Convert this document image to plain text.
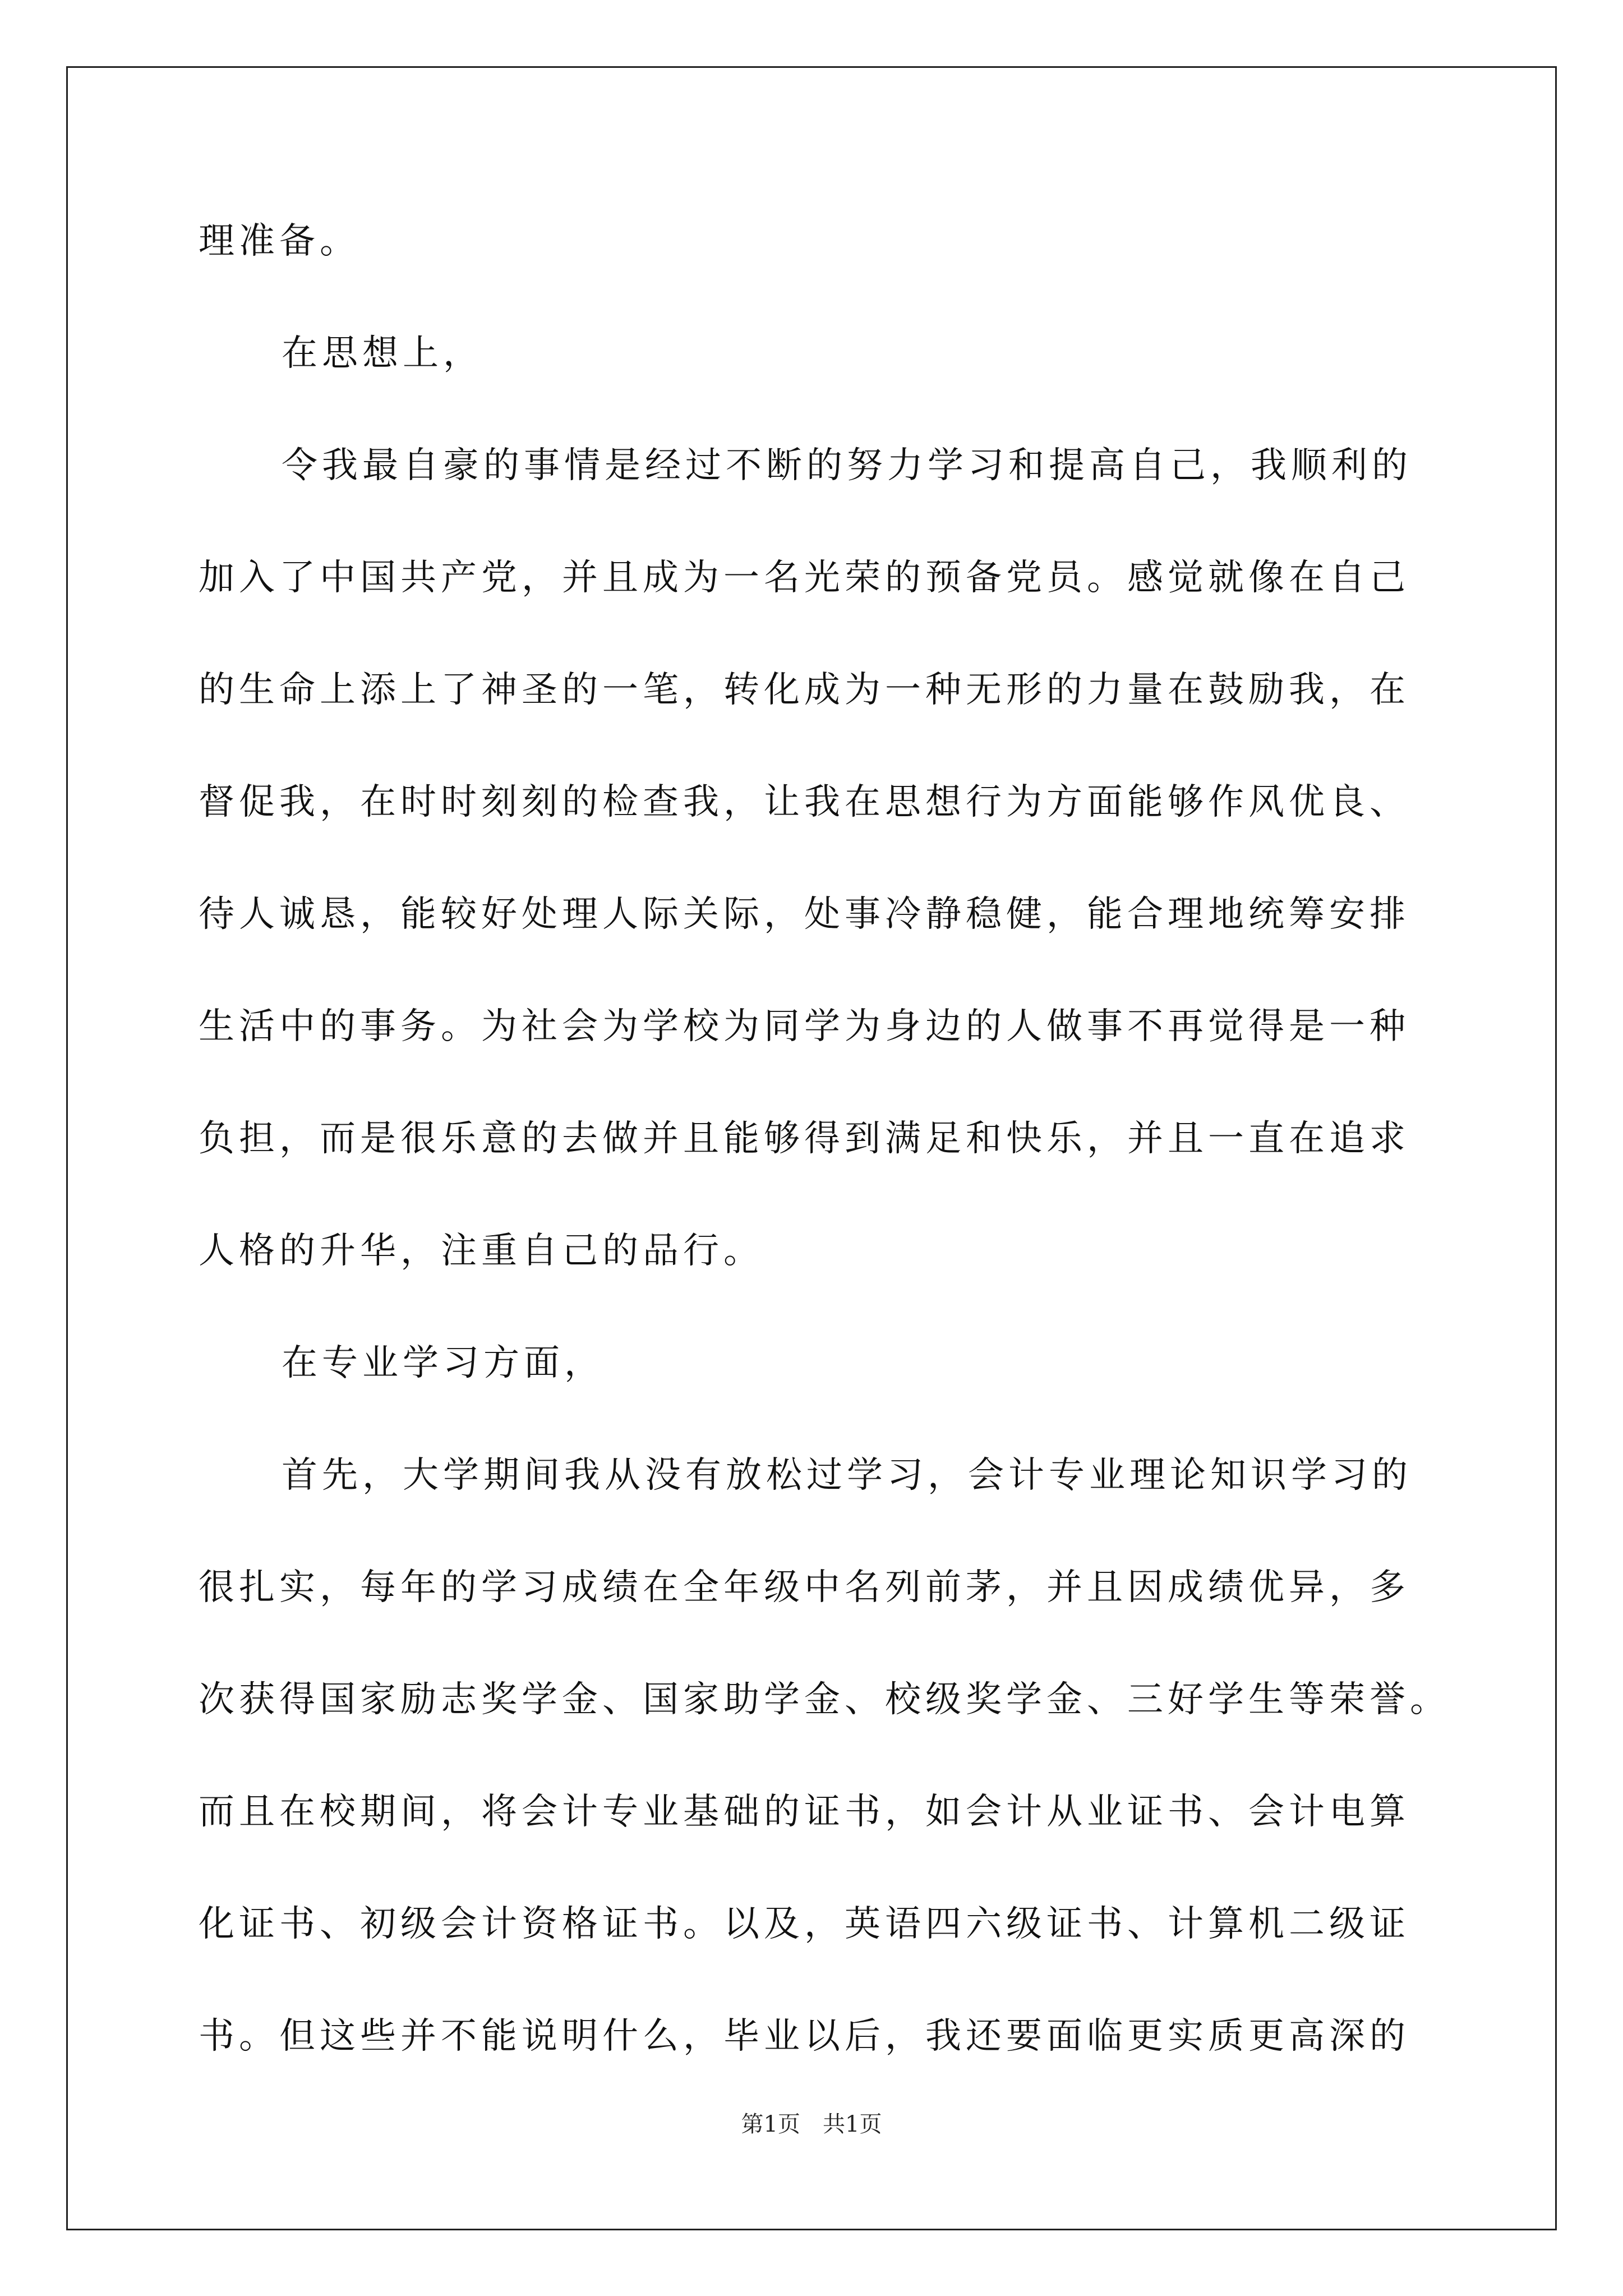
理准备。

在思想上，

令我最自豪的事情是经过不断的努力学习和提高自己，我顺利的

加入了中国共产党，并且成为一名光荣的预备党员。感觉就像在自己

的生命上添上了神圣的一笔，转化成为一种无形的力量在鼓励我，在

督促我，在时时刻刻的检查我，让我在思想行为方面能够作风优良、

待人诚恳，能较好处理人际关际，处事冷静稳健，能合理地统筹安排

生活中的事务。为社会为学校为同学为身边的人做事不再觉得是一种

负担，而是很乐意的去做并且能够得到满足和快乐，并且一直在追求

人格的升华，注重自己的品行。

在专业学习方面，

首先，大学期间我从没有放松过学习，会计专业理论知识学习的

很扎实，每年的学习成绩在全年级中名列前茅，并且因成绩优异，多

次获得国家励志奖学金、国家助学金、校级奖学金、三好学生等荣誉。

而且在校期间，将会计专业基础的证书，如会计从业证书、会计电算

化证书、初级会计资格证书。以及，英语四六级证书、计算机二级证

书。但这些并不能说明什么，毕业以后，我还要面临更实质更高深的

第1页 共1页
